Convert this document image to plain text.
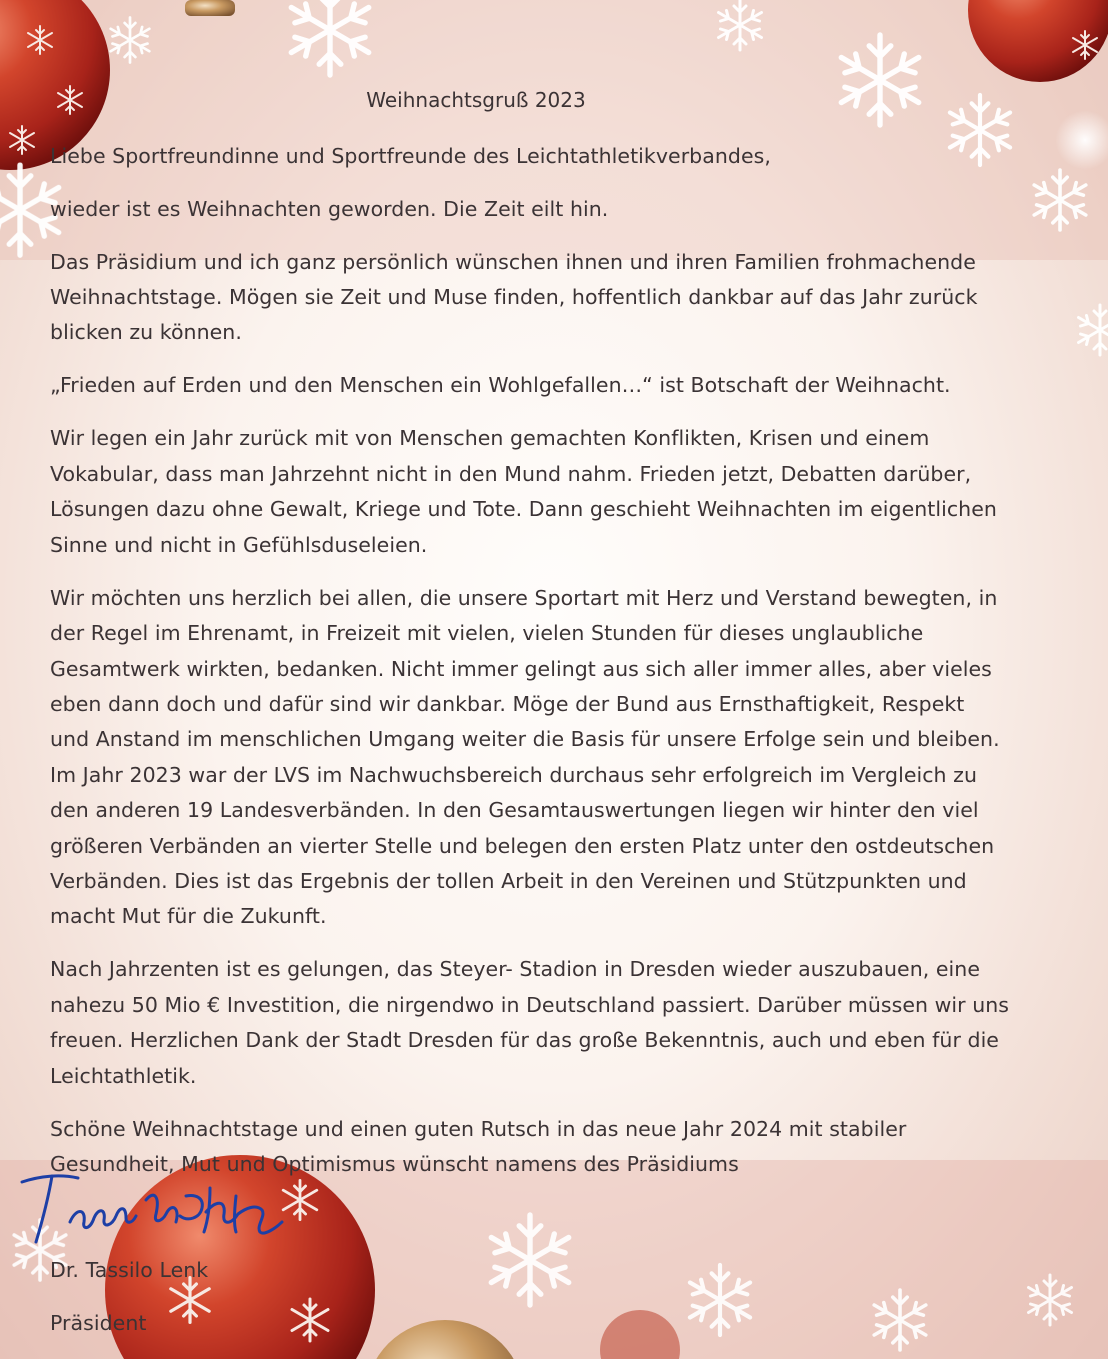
Weihnachtsgruß 2023

Liebe Sportfreundinne und Sportfreunde des Leichtathletikverbandes,

wieder ist es Weihnachten geworden. Die Zeit eilt hin.

Das Präsidium und ich ganz persönlich wünschen ihnen und ihren Familien frohmachende

Weihnachtstage. Mögen sie Zeit und Muse finden, hoffentlich dankbar auf das Jahr zurück

blicken zu können.

„Frieden auf Erden und den Menschen ein Wohlgefallen…“ ist Botschaft der Weihnacht.

Wir legen ein Jahr zurück mit von Menschen gemachten Konflikten, Krisen und einem

Vokabular, dass man Jahrzehnt nicht in den Mund nahm. Frieden jetzt, Debatten darüber,

Lösungen dazu ohne Gewalt, Kriege und Tote. Dann geschieht Weihnachten im eigentlichen

Sinne und nicht in Gefühlsduseleien.

Wir möchten uns herzlich bei allen, die unsere Sportart mit Herz und Verstand bewegten, in

der Regel im Ehrenamt, in Freizeit mit vielen, vielen Stunden für dieses unglaubliche

Gesamtwerk wirkten, bedanken. Nicht immer gelingt aus sich aller immer alles, aber vieles

eben dann doch und dafür sind wir dankbar. Möge der Bund aus Ernsthaftigkeit, Respekt

und Anstand im menschlichen Umgang weiter die Basis für unsere Erfolge sein und bleiben.

Im Jahr 2023 war der LVS im Nachwuchsbereich durchaus sehr erfolgreich im Vergleich zu

den anderen 19 Landesverbänden. In den Gesamtauswertungen liegen wir hinter den viel

größeren Verbänden an vierter Stelle und belegen den ersten Platz unter den ostdeutschen

Verbänden. Dies ist das Ergebnis der tollen Arbeit in den Vereinen und Stützpunkten und

macht Mut für die Zukunft.

Nach Jahrzenten ist es gelungen, das Steyer- Stadion in Dresden wieder auszubauen, eine

nahezu 50 Mio € Investition, die nirgendwo in Deutschland passiert. Darüber müssen wir uns

freuen. Herzlichen Dank der Stadt Dresden für das große Bekenntnis, auch und eben für die

Leichtathletik.

Schöne Weihnachtstage und einen guten Rutsch in das neue Jahr 2024 mit stabiler

Gesundheit, Mut und Optimismus wünscht namens des Präsidiums

Dr. Tassilo Lenk

Präsident
